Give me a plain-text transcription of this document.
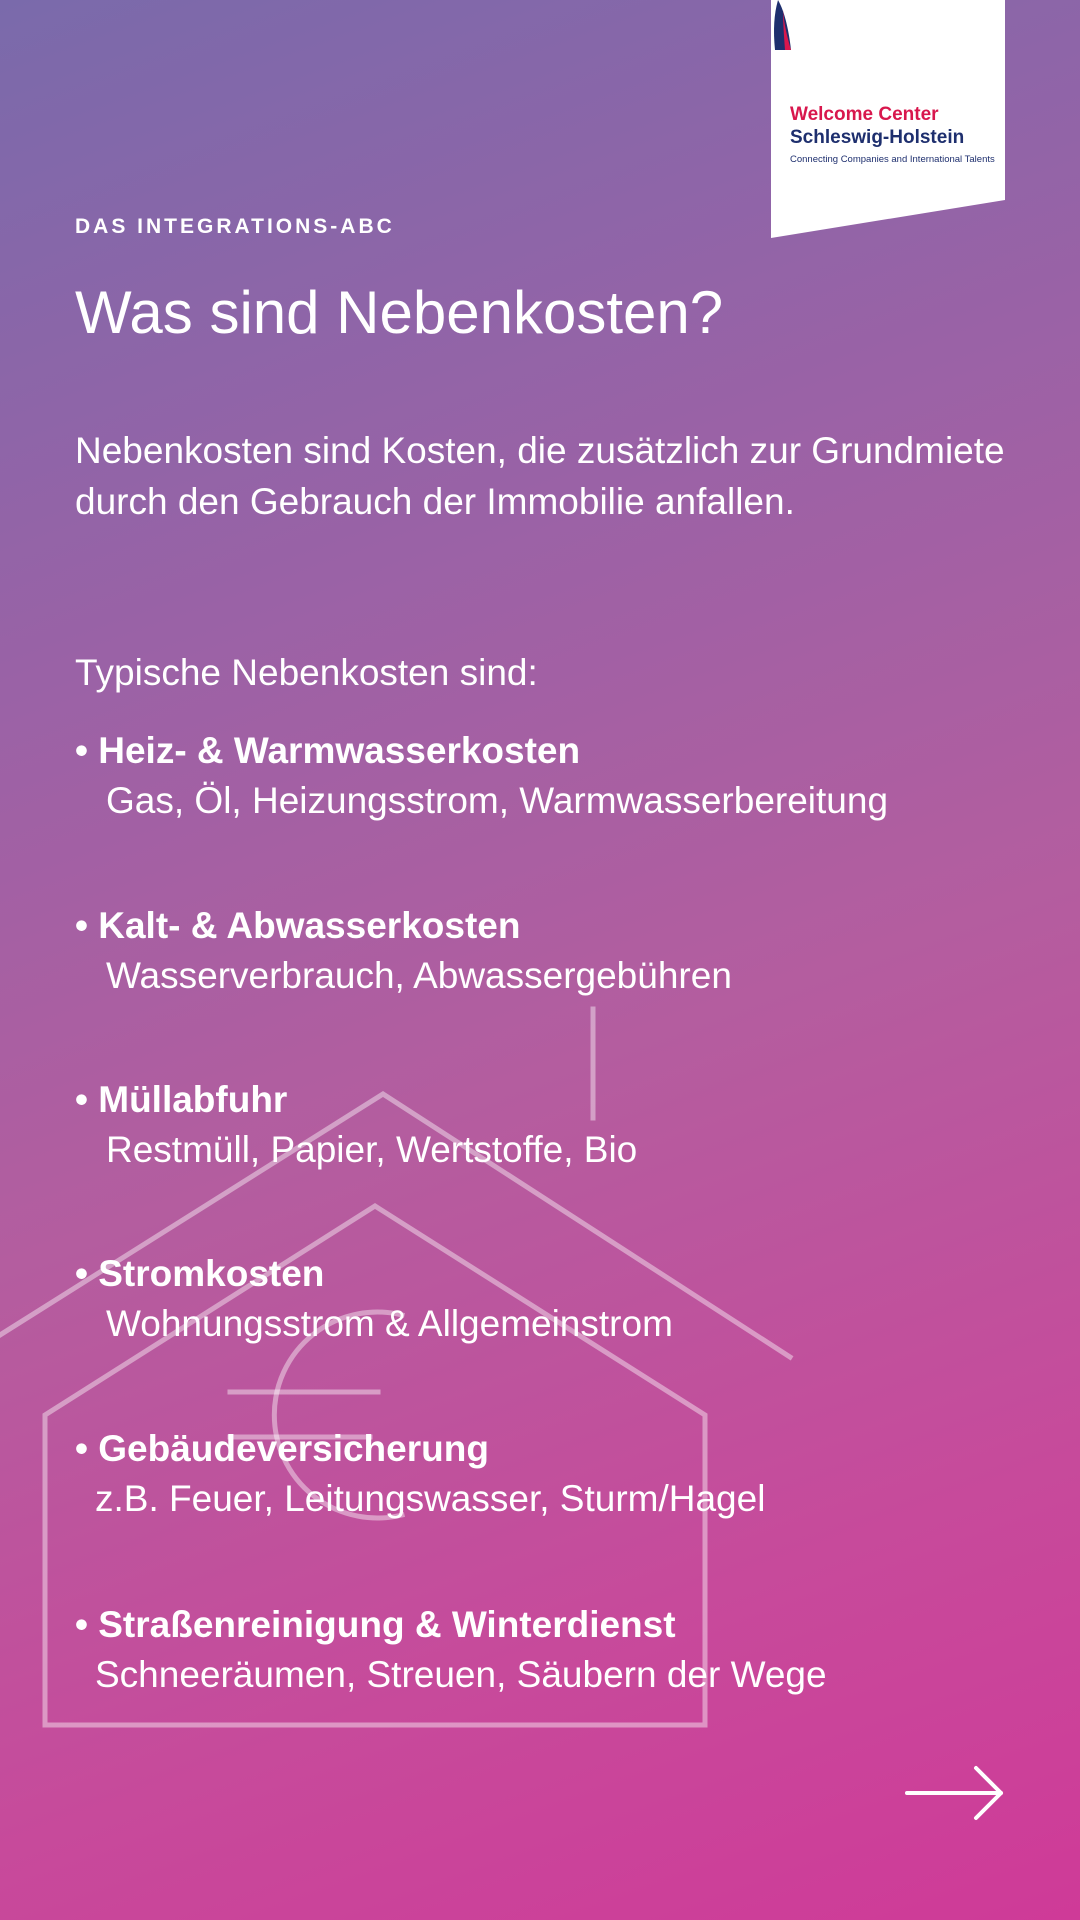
Welcome Center
Schleswig-Holstein
Connecting Companies and International Talents
DAS INTEGRATIONS-ABC
Was sind Nebenkosten?
Nebenkosten sind Kosten, die zusätzlich zur Grundmiete durch den Gebrauch der Immobilie anfallen.
Typische Nebenkosten sind:
• Heiz- & Warmwasserkosten
Gas, Öl, Heizungsstrom, Warmwasserbereitung
• Kalt- & Abwasserkosten
Wasserverbrauch, Abwassergebühren
• Müllabfuhr
Restmüll, Papier, Wertstoffe, Bio
• Stromkosten
Wohnungsstrom & Allgemeinstrom
• Gebäudeversicherung
z.B. Feuer, Leitungswasser, Sturm/Hagel
• Straßenreinigung & Winterdienst
Schneeräumen, Streuen, Säubern der Wege
